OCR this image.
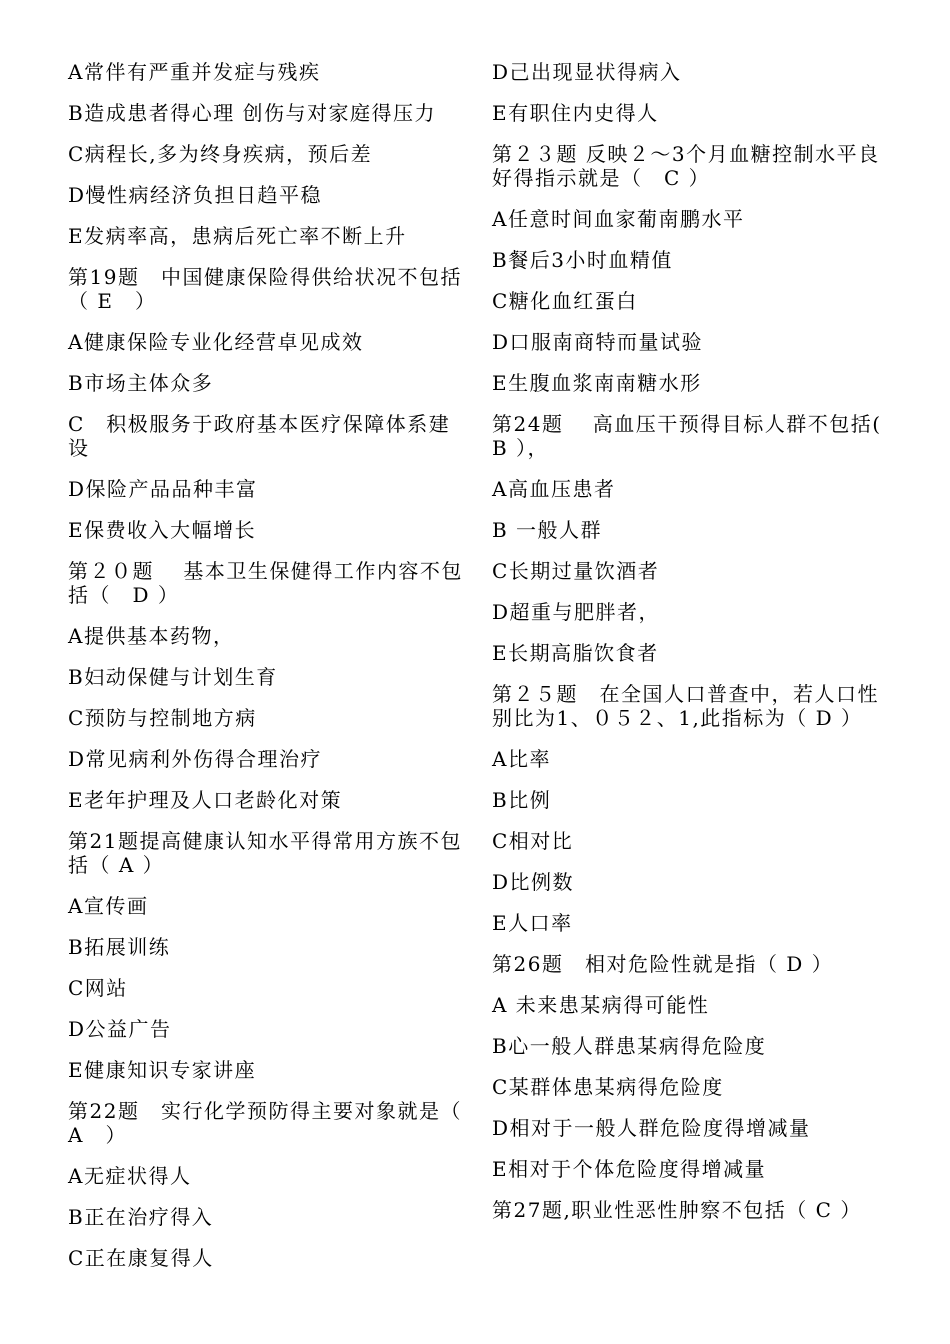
A常伴有严重并发症与残疾
B造成患者得心理 创伤与对家庭得压力
C病程长,多为终身疾病，预后差
D慢性病经济负担日趋平稳
E发病率高，患病后死亡率不断上升
第19题　中国健康保险得供给状况不包括（ E　）
A健康保险专业化经营卓见成效
B市场主体众多
C　积极服务于政府基本医疗保障体系建设
D保险产品品种丰富
E保费收入大幅增长
第２０题　 基本卫生保健得工作内容不包括（　D ）
A提供基本药物，
B妇动保健与计划生育
C预防与控制地方病
D常见病利外伤得合理治疗
E老年护理及人口老龄化对策
第21题提高健康认知水平得常用方族不包括（ A ）
A宣传画
B拓展训练
C网站
D公益广告
E健康知识专家讲座
第22题　实行化学预防得主要对象就是（ A　）
A无症状得人
B正在治疗得入
C正在康复得人
D己出现显状得病入
E有职住内史得人
第２３题 反映２～3个月血糖控制水平良好得指示就是（　C ）
A任意时间血家葡南鹏水平
B餐后3小时血精值
C糖化血红蛋白
D口服南商特而量试验
E生腹血浆南南糖水形
第24题　 高血压干预得目标人群不包括( B ），
A高血压患者
B 一般人群
C长期过量饮酒者
D超重与肥胖者，
E长期高脂饮食者
第２５题　在全国人口普查中，若人口性别比为1、０５２、1,此指标为（ D ）
A比率
B比例
C相对比
D比例数
E人口率
第26题　相对危险性就是指（ D ）
A 未来患某病得可能性
B心一般人群患某病得危险度
C某群体患某病得危险度
D相对于一般人群危险度得增减量
E相对于个体危险度得增减量
第27题,职业性恶性肿察不包括（ C ）
